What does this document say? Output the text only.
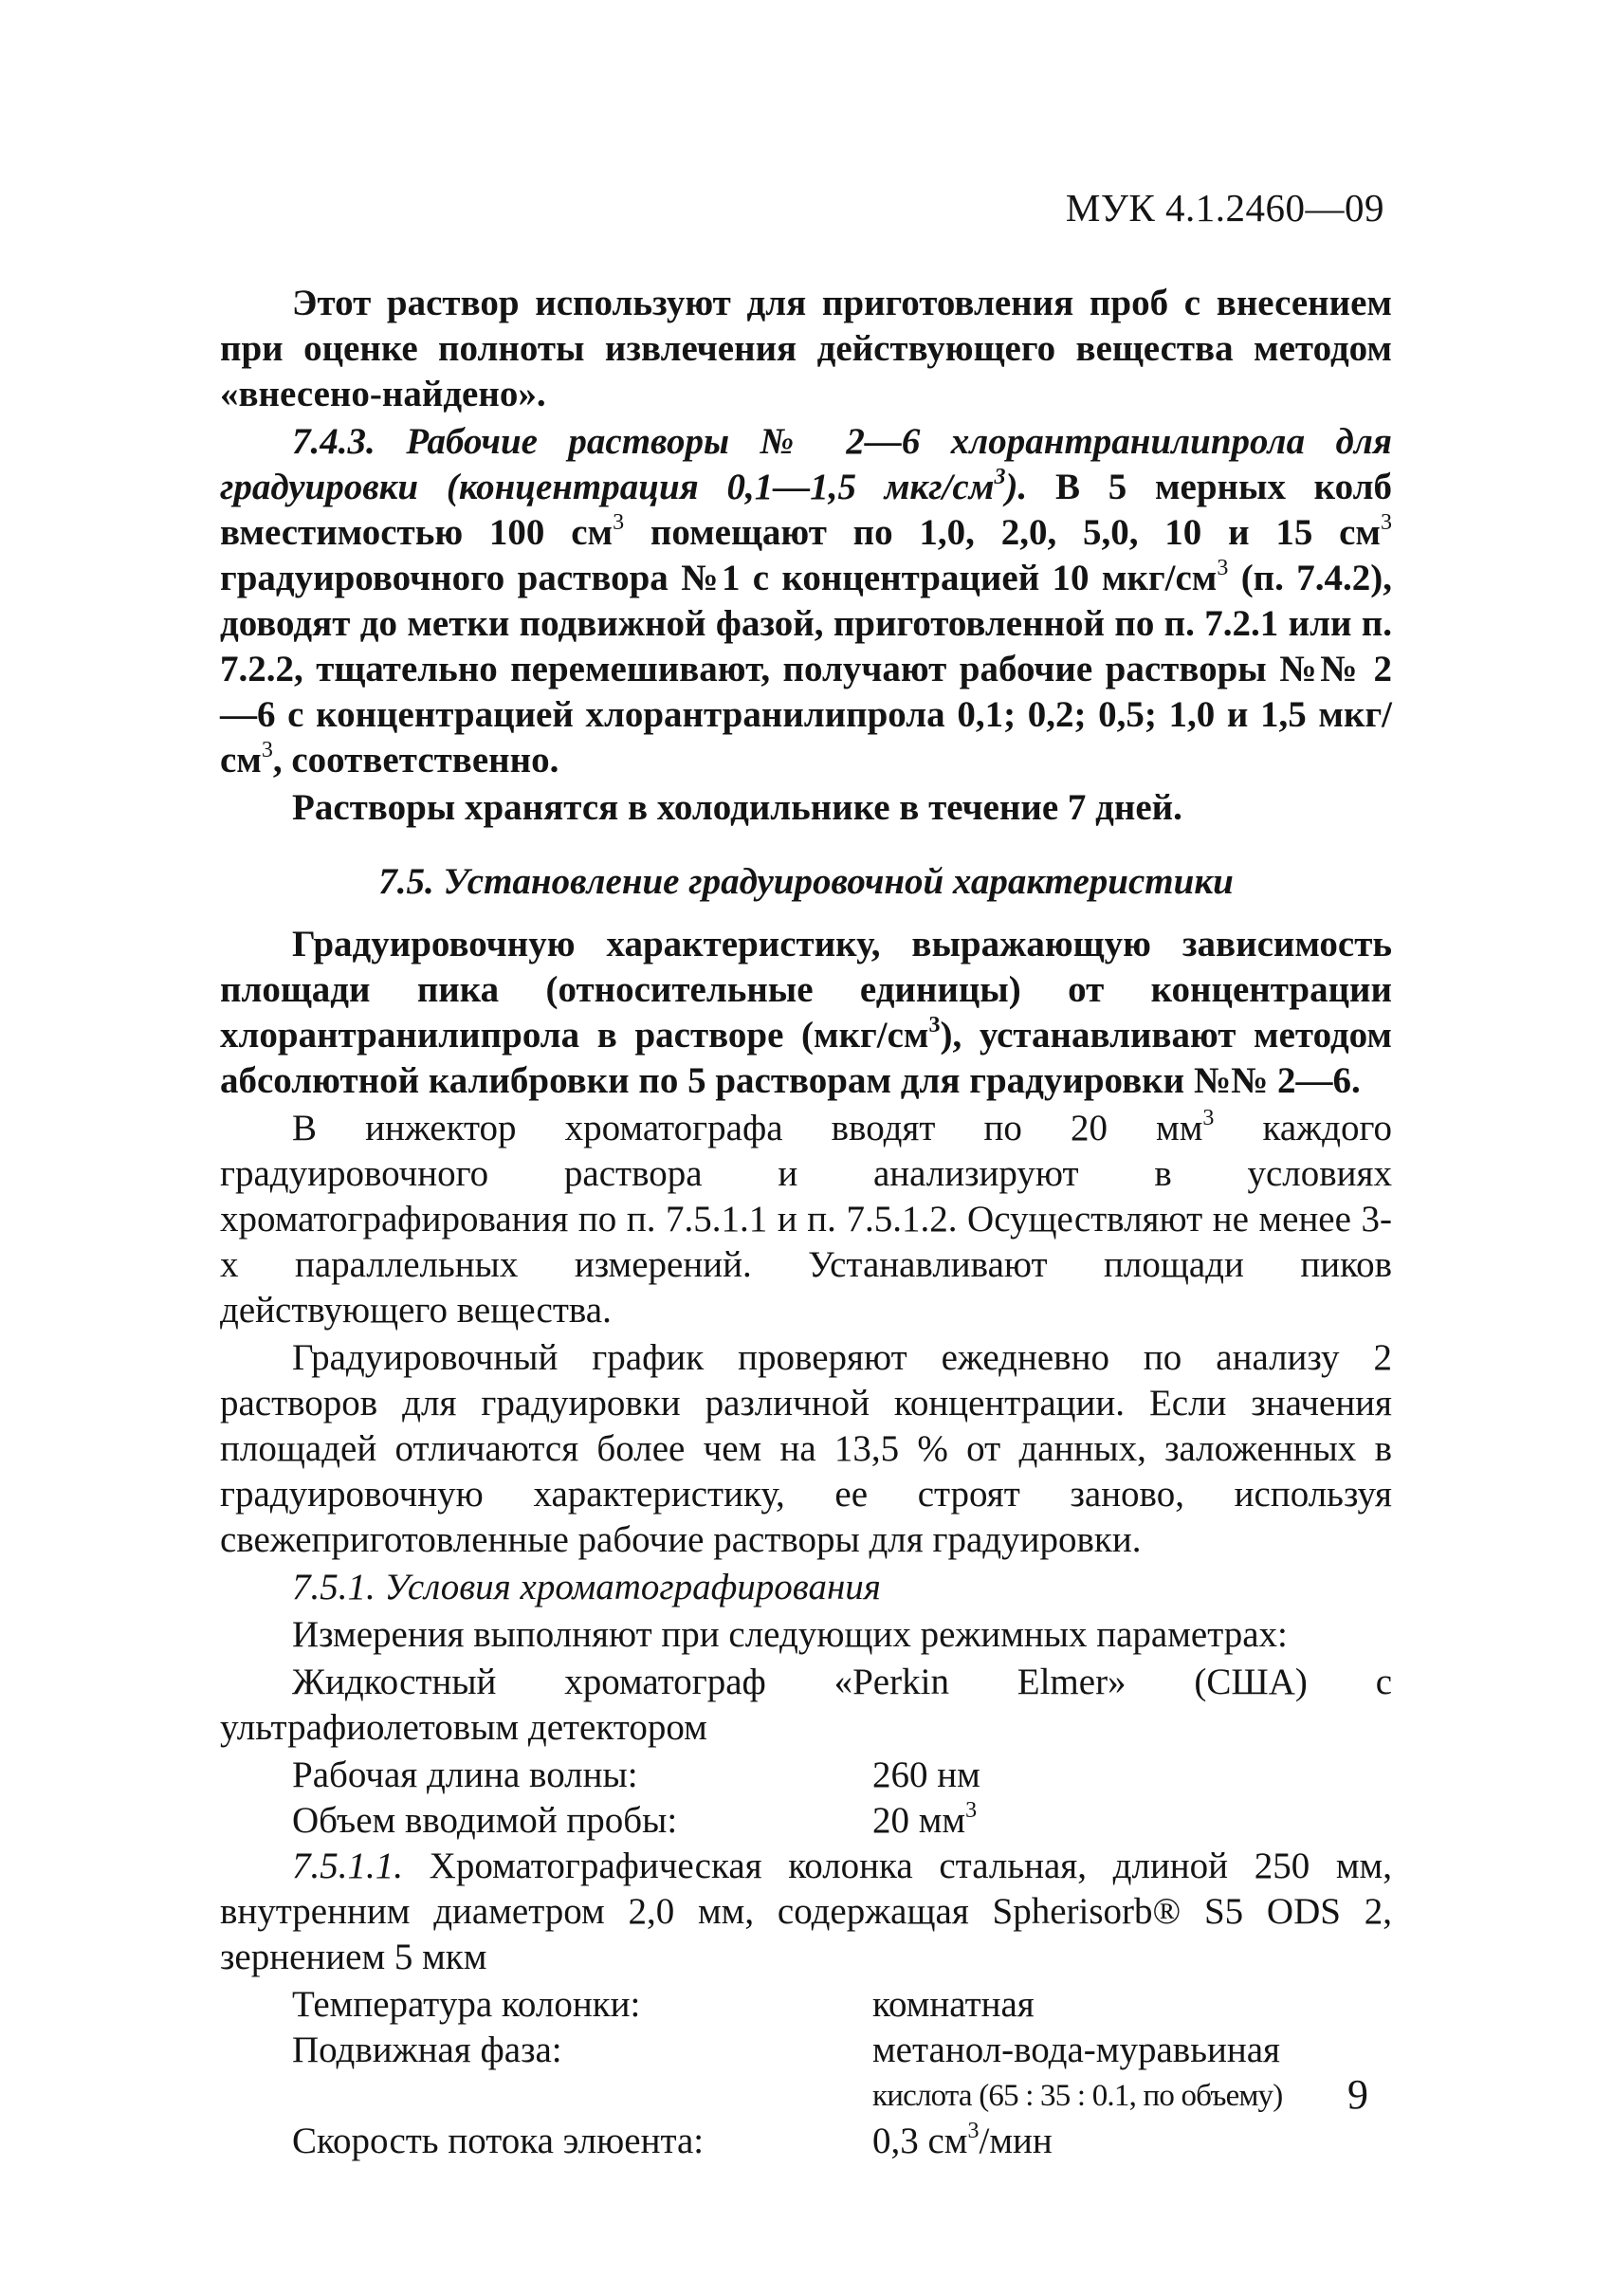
МУК 4.1.2460—09

Этот раствор используют для приготовления проб с внесением при оценке полноты извлечения действующего вещества методом «внесено-найдено».

7.4.3. Рабочие растворы № 2—6 хлорантранилипрола для градуировки (концентрация 0,1—1,5 мкг/$см^3$). В 5 мерных колб вместимостью 100 $см^3$ помещают по 1,0, 2,0, 5,0, 10 и 15 $см^3$ градуировочного раствора №1 с концентрацией 10 мкг/$см^3$ (п. 7.4.2), доводят до метки подвижной фазой, приготовленной по п. 7.2.1 или п. 7.2.2, тщательно перемешивают, получают рабочие растворы №№ 2—6 с концентрацией хлорантранилипрола 0,1; 0,2; 0,5; 1,0 и 1,5 мкг/$см^3$, соответственно.

Растворы хранятся в холодильнике в течение 7 дней.

7.5. Установление градуировочной характеристики

Градуировочную характеристику, выражающую зависимость площади пика (относительные единицы) от концентрации хлорантранилипрола в растворе $(мкг/см^3)$, устанавливают методом абсолютной калибровки по 5 растворам для градуировки №№ 2—6.

В инжектор хроматографа вводят по 20 $мм^3$ каждого градуировочного раствора и анализируют в условиях хроматографирования по п. 7.5.1.1 и п. 7.5.1.2. Осуществляют не менее 3-х параллельных измерений. Устанавливают площади пиков действующего вещества.

Градуировочный график проверяют ежедневно по анализу 2 растворов для градуировки различной концентрации. Если значения площадей отличаются более чем на 13,5 % от данных, заложенных в градуировочную характеристику, ее строят заново, используя свежеприготовленные рабочие растворы для градуировки.

7.5.1. Условия хроматографирования

Измерения выполняют при следующих режимных параметрах:

Жидкостный хроматограф «Perkin Elmer» (США) с ультрафиолетовым детектором

Рабочая длина волны:	260 нм
Объем вводимой пробы:	20 $мм^3$

7.5.1.1. Хроматографическая колонка стальная, длиной 250 мм, внутренним диаметром 2,0 мм, содержащая Spherisorb® S5 ODS 2, зернением 5 мкм

Температура колонки:	комнатная
Подвижная фаза:	метанол-вода-муравьиная
кислота (65 : 35 : 0.1, по объему)
Скорость потока элюента:	0,3 $см^3$/мин
9
